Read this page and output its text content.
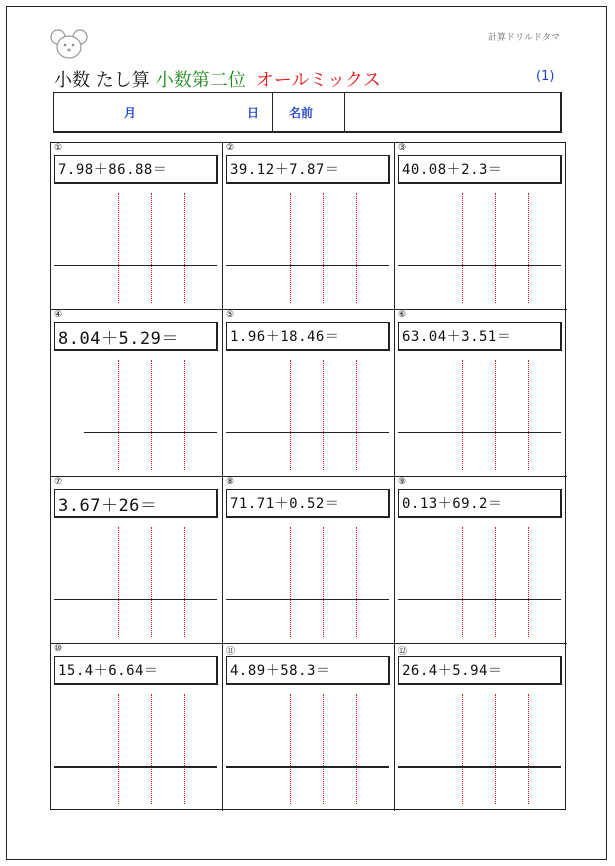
計算ドリルドタマ
小数 たし算 小数第二位 オールミックス	(1)
月	日 名前
①
7.98＋86.88＝
②
39.12＋7.87＝
③
40.08＋2.3＝
④
8.04＋5.29＝
⑤
1.96＋18.46＝
⑥
63.04＋3.51＝
⑦
3.67＋26＝
⑧
71.71＋0.52＝
⑨
0.13＋69.2＝
⑩
15.4＋6.64＝
⑪
4.89＋58.3＝
⑫
26.4＋5.94＝
